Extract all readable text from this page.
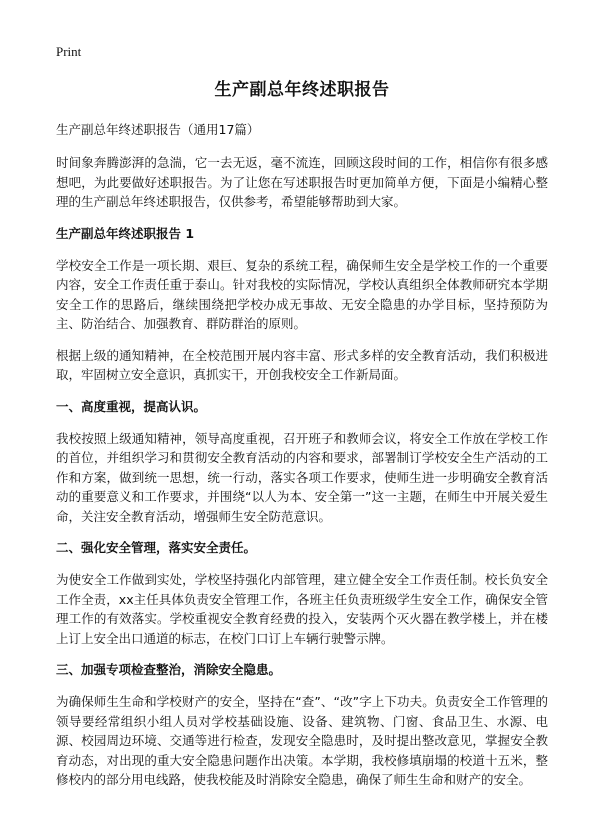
Print
生产副总年终述职报告
生产副总年终述职报告（通用17篇）

时间象奔腾澎湃的急湍，它一去无返，毫不流连，回顾这段时间的工作，相信你有很多感想吧，为此要做好述职报告。为了让您在写述职报告时更加简单方便，下面是小编精心整理的生产副总年终述职报告，仅供参考，希望能够帮助到大家。

生产副总年终述职报告 1

学校安全工作是一项长期、艰巨、复杂的系统工程，确保师生安全是学校工作的一个重要内容，安全工作责任重于泰山。针对我校的实际情况，学校认真组织全体教师研究本学期安全工作的思路后，继续围绕把学校办成无事故、无安全隐患的办学目标，坚持预防为主、防治结合、加强教育、群防群治的原则。

根据上级的通知精神，在全校范围开展内容丰富、形式多样的安全教育活动，我们积极进取，牢固树立安全意识，真抓实干，开创我校安全工作新局面。

一、高度重视，提高认识。

我校按照上级通知精神，领导高度重视，召开班子和教师会议，将安全工作放在学校工作的首位，并组织学习和贯彻安全教育活动的内容和要求，部署制订学校安全生产活动的工作和方案，做到统一思想，统一行动，落实各项工作要求，使师生进一步明确安全教育活动的重要意义和工作要求，并围绕“以人为本、安全第一”这一主题，在师生中开展关爱生命，关注安全教育活动，增强师生安全防范意识。

二、强化安全管理，落实安全责任。

为使安全工作做到实处，学校坚持强化内部管理，建立健全安全工作责任制。校长负安全工作全责，xx主任具体负责安全管理工作，各班主任负责班级学生安全工作，确保安全管理工作的有效落实。学校重视安全教育经费的投入，安装两个灭火器在教学楼上，并在楼上订上安全出口通道的标志，在校门口订上车辆行驶警示牌。

三、加强专项检查整治，消除安全隐患。

为确保师生生命和学校财产的安全，坚持在“查”、“改”字上下功夫。负责安全工作管理的领导要经常组织小组人员对学校基础设施、设备、建筑物、门窗、食品卫生、水源、电源、校园周边环境、交通等进行检查，发现安全隐患时，及时提出整改意见，掌握安全教育动态，对出现的重大安全隐患问题作出决策。本学期，我校修填崩塌的校道十五米，整修校内的部分用电线路，使我校能及时消除安全隐患，确保了师生生命和财产的安全。
